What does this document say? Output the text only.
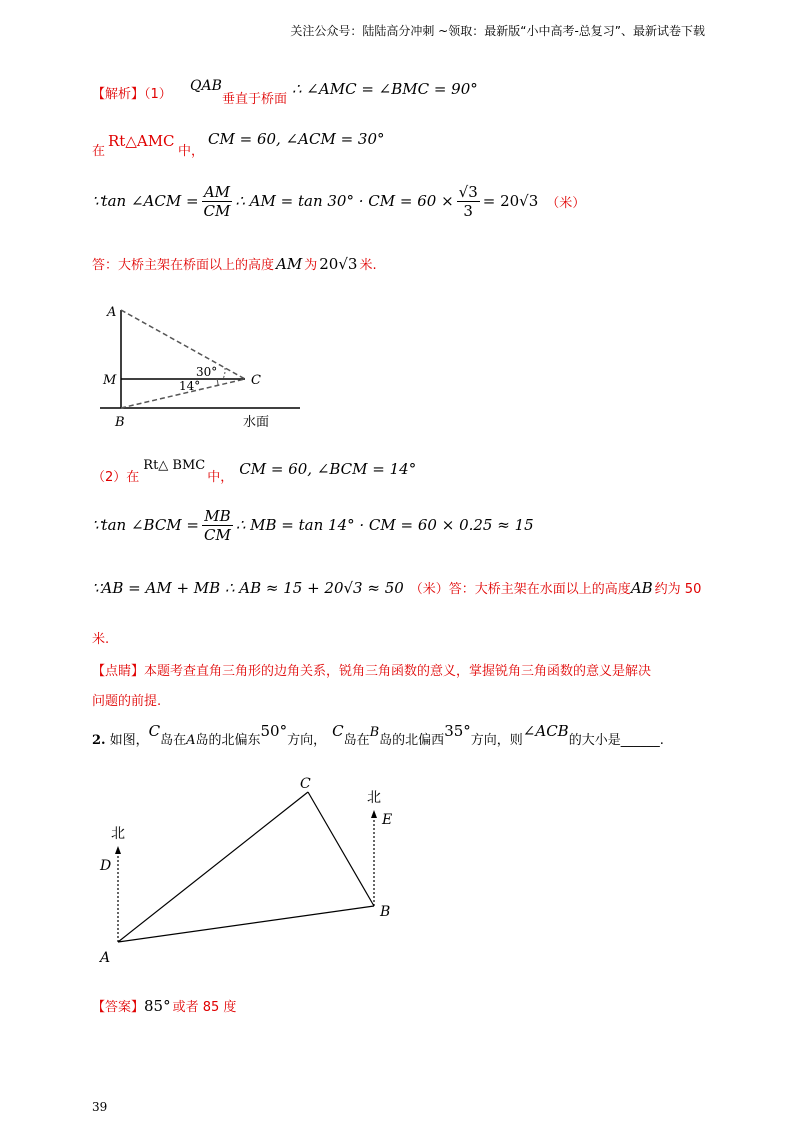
关注公众号：陆陆高分冲刺 ~领取：最新版“小中高考-总复习”、最新试卷下载
【解析】（1）
QAB
垂直于桥面
∴ ∠AMC = ∠BMC = 90°
在
Rt△AMC
中，
CM = 60, ∠ACM = 30°
∵tan ∠ACM = $\frac{AM}{CM}$ ∴ AM = tan 30° · CM = $60 \times \frac{√3}{3} = 20√3$ （米）
答：大桥主架在桥面以上的高度 AM 为 20√3 米.
A
M
B
C
30°
14°
水面
（2）在
Rt△ BMC
中， CM = 60, ∠BCM = 14°
∵tan ∠BCM = $\frac{MB}{CM}$ ∴ MB = tan 14° · CM = 60 × 0.25 ≈ 15
∵AB = AM + MB ∴ AB ≈ 15 + 20√3 ≈ 50 （米）答：大桥主架在水面以上的高度 AB 约为 50
米.
【点睛】本题考查直角三角形的边角关系，锐角三角函数的意义，掌握锐角三角函数的意义是解决
问题的前提.
2. 如图，
C
岛在 A 岛的北偏东
50°
方向，
C
岛在
B
岛的北偏西
35°
方向，则
∠ACB
的大小是______.
C
A
B
D
E
北
北
【答案】 85° 或者 85 度
39
